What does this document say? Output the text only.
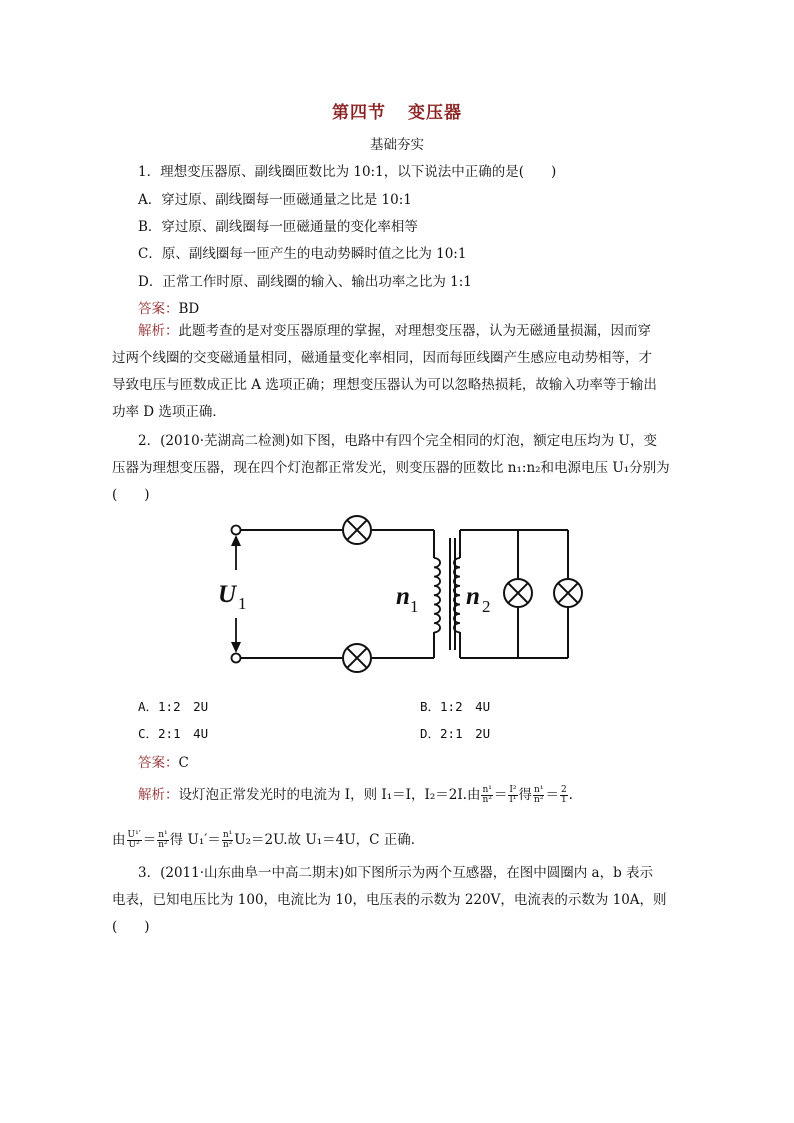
第四节 变压器
基础夯实
1．理想变压器原、副线圈匝数比为 10:1，以下说法中正确的是(　　)
A．穿过原、副线圈每一匝磁通量之比是 10:1
B．穿过原、副线圈每一匝磁通量的变化率相等
C．原、副线圈每一匝产生的电动势瞬时值之比为 10:1
D．正常工作时原、副线圈的输入、输出功率之比为 1:1
答案：BD
解析：此题考查的是对变压器原理的掌握，对理想变压器，认为无磁通量损漏，因而穿
过两个线圈的交变磁通量相同，磁通量变化率相同，因而每匝线圈产生感应电动势相等，才
导致电压与匝数成正比 A 选项正确；理想变压器认为可以忽略热损耗，故输入功率等于输出
功率 D 选项正确．
2．(2010·芜湖高二检测)如下图，电路中有四个完全相同的灯泡，额定电压均为 U，变
压器为理想变压器，现在四个灯泡都正常发光，则变压器的匝数比 n₁:n₂和电源电压 U₁分别为
(　　)
U 1	n 1 n 2
A．1:2　2U	B．1:2　4U
C．2:1　4U	D．2:1　2U
答案：C
解析：设灯泡正常发光时的电流为 I，则 I₁＝I，I₂＝2I.由 $\frac{\text{n¹}}{\text{n²}} = \frac{\text{I²}}{\text{I¹}}$ 得 $\frac{\text{n¹}}{\text{n²}} = \frac{2}{1}$ .
由 $\frac{\text{U¹′}}{\text{U²}} = \frac{\text{n¹}}{\text{n²}}$ 得 $U_1'= \frac{\text{n¹}}{\text{n²}} U_2=2U$.故 U₁＝4U，C 正确．
3．(2011·山东曲阜一中高二期末)如下图所示为两个互感器，在图中圆圈内 a，b 表示
电表，已知电压比为 100，电流比为 10，电压表的示数为 220V，电流表的示数为 10A，则(　　)
